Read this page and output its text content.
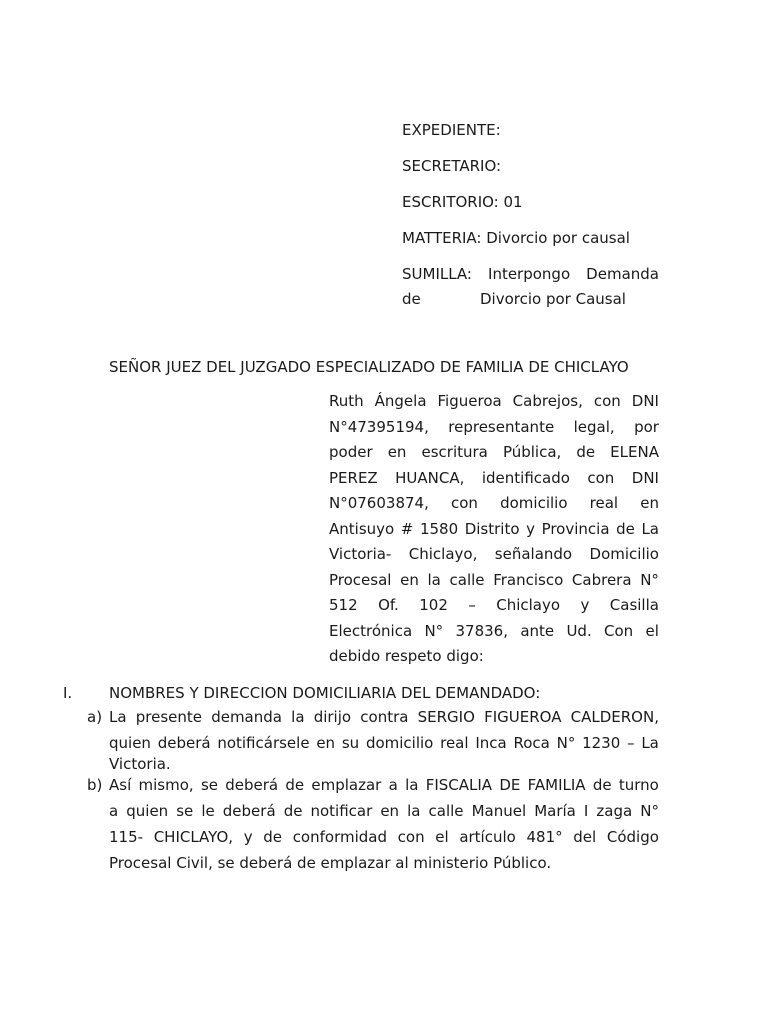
EXPEDIENTE:
SECRETARIO:
ESCRITORIO: 01
MATTERIA: Divorcio por causal
SUMILLA: Interpongo Demanda
de	Divorcio por Causal
SEÑOR JUEZ DEL JUZGADO ESPECIALIZADO DE FAMILIA DE CHICLAYO
Ruth Ángela Figueroa Cabrejos, con DNI
N°47395194, representante legal, por
poder en escritura Pública, de ELENA
PEREZ HUANCA, identificado con DNI
N°07603874, con domicilio real en
Antisuyo # 1580 Distrito y Provincia de La
Victoria- Chiclayo, señalando Domicilio
Procesal en la calle Francisco Cabrera N°
512 Of. 102 – Chiclayo y Casilla
Electrónica N° 37836, ante Ud. Con el
debido respeto digo:
I.	NOMBRES Y DIRECCION DOMICILIARIA DEL DEMANDADO:
a) La presente demanda la dirijo contra SERGIO FIGUEROA CALDERON,
quien deberá notificársele en su domicilio real Inca Roca N° 1230 – La
Victoria.
b) Así mismo, se deberá de emplazar a la FISCALIA DE FAMILIA de turno
a quien se le deberá de notificar en la calle Manuel María I zaga N°
115- CHICLAYO, y de conformidad con el artículo 481° del Código
Procesal Civil, se deberá de emplazar al ministerio Público.
